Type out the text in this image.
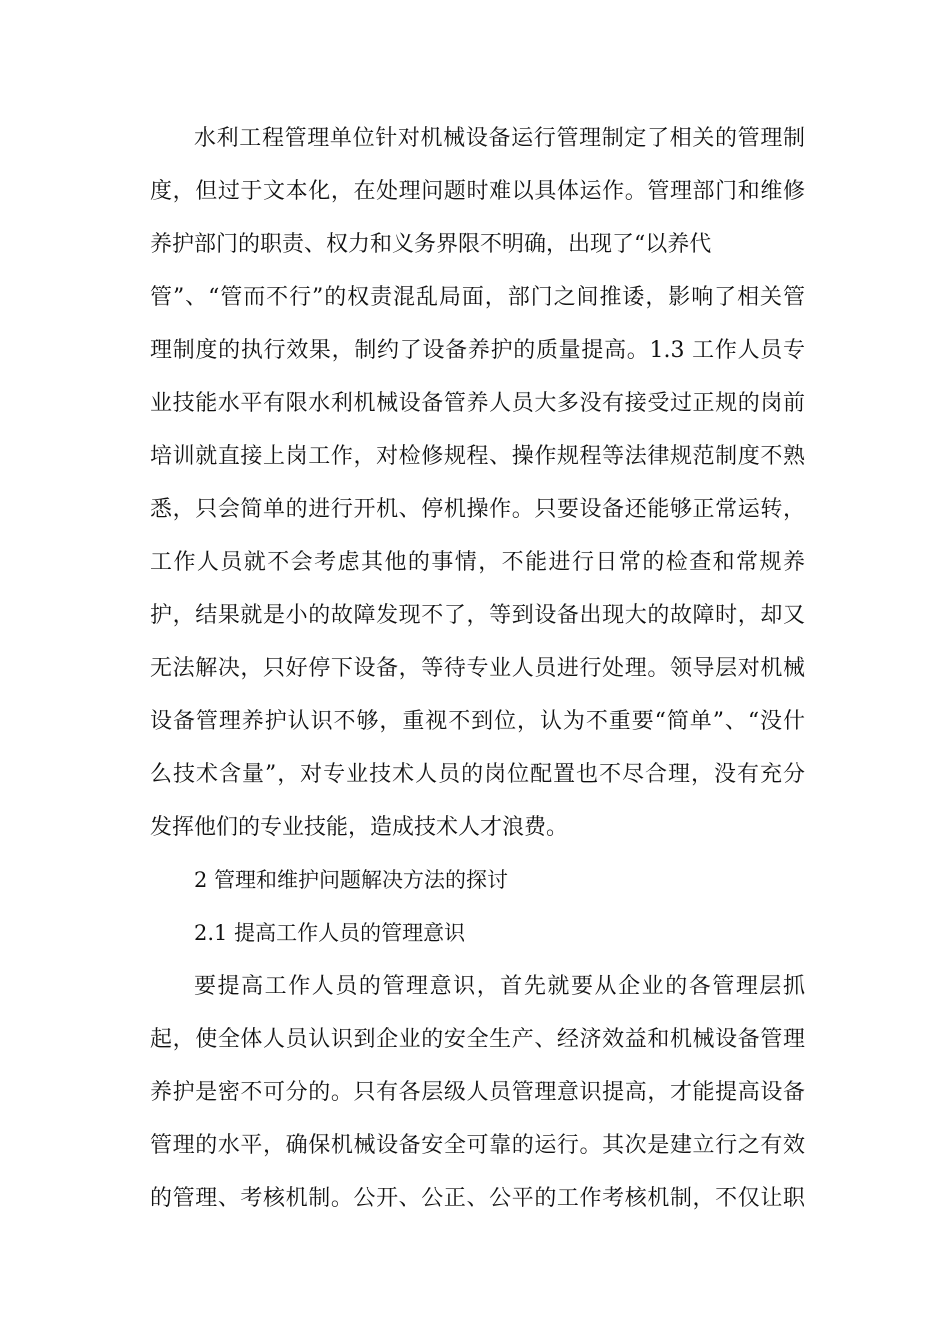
水利工程管理单位针对机械设备运行管理制定了相关的管理制
度，但过于文本化，在处理问题时难以具体运作。管理部门和维修
养护部门的职责、权力和义务界限不明确，出现了“以养代
管”、“管而不行”的权责混乱局面，部门之间推诿，影响了相关管
理制度的执行效果，制约了设备养护的质量提高。1.3 工作人员专
业技能水平有限水利机械设备管养人员大多没有接受过正规的岗前
培训就直接上岗工作，对检修规程、操作规程等法律规范制度不熟
悉，只会简单的进行开机、停机操作。只要设备还能够正常运转，
工作人员就不会考虑其他的事情，不能进行日常的检查和常规养
护，结果就是小的故障发现不了，等到设备出现大的故障时，却又
无法解决，只好停下设备，等待专业人员进行处理。领导层对机械
设备管理养护认识不够，重视不到位，认为不重要“简单”、“没什
么技术含量”，对专业技术人员的岗位配置也不尽合理，没有充分
发挥他们的专业技能，造成技术人才浪费。
2 管理和维护问题解决方法的探讨
2.1 提高工作人员的管理意识
要提高工作人员的管理意识，首先就要从企业的各管理层抓
起，使全体人员认识到企业的安全生产、经济效益和机械设备管理
养护是密不可分的。只有各层级人员管理意识提高，才能提高设备
管理的水平，确保机械设备安全可靠的运行。其次是建立行之有效
的管理、考核机制。公开、公正、公平的工作考核机制，不仅让职
